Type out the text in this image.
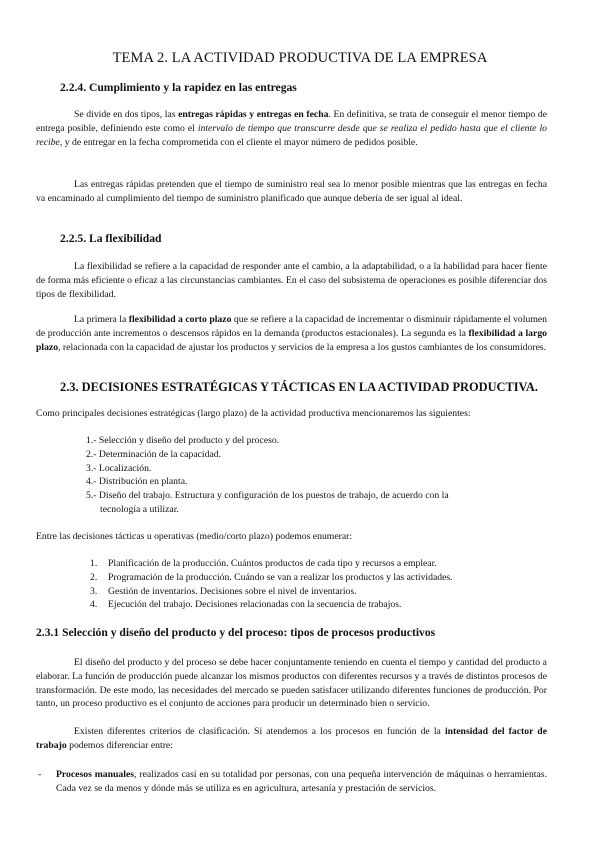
TEMA 2. LA ACTIVIDAD PRODUCTIVA DE LA EMPRESA
2.2.4. Cumplimiento y la rapidez en las entregas

Se divide en dos tipos, las entregas rápidas y entregas en fecha. En definitiva, se trata de conseguir el menor tiempo de entrega posible, definiendo este como el intervalo de tiempo que transcurre desde que se realiza el pedido hasta que el cliente lo recibe, y de entregar en la fecha comprometida con el cliente el mayor número de pedidos posible.

Las entregas rápidas pretenden que el tiempo de suministro real sea lo menor posible mientras que las entregas en fecha va encaminado al cumplimiento del tiempo de suministro planificado que aunque debería de ser igual al ideal.

2.2.5. La flexibilidad

La flexibilidad se refiere a la capacidad de responder ante el cambio, a la adaptabilidad, o a la habilidad para hacer fiente de forma más eficiente o eficaz a las circunstancias cambiantes. En el caso del subsistema de operaciones es posible diferenciar dos tipos de flexibilidad.

La primera la flexibilidad a corto plazo que se refiere a la capacidad de incrementar o disminuir rápidamente el volumen de producción ante incrementos o descensos rápidos en la demanda (productos estacionales). La segunda es la flexibilidad a largo plazo, relacionada con la capacidad de ajustar los productos y servicios de la empresa a los gustos cambiantes de los consumidores.

2.3. DECISIONES ESTRATÉGICAS Y TÁCTICAS EN LA ACTIVIDAD PRODUCTIVA.

Como principales decisiones estratégicas (largo plazo) de la actividad productiva mencionaremos las siguientes:

1.- Selección y diseño del producto y del proceso.
2.- Determinación de la capacidad.
3.- Localización.
4.- Distribución en planta.
5.- Diseño del trabajo. Estructura y configuración de los puestos de trabajo, de acuerdo con la
tecnología a utilizar.

Entre las decisiones tácticas u operativas (medio/corto plazo) podemos enumerar:

1. Planificación de la producción. Cuántos productos de cada tipo y recursos a emplear.
2. Programación de la producción. Cuándo se van a realizar los productos y las actividades.
3. Gestión de inventarios. Decisiones sobre el nivel de inventarios.
4. Ejecución del trabajo. Decisiones relacionadas con la secuencia de trabajos.
2.3.1 Selección y diseño del producto y del proceso: tipos de procesos productivos

El diseño del producto y del proceso se debe hacer conjuntamente teniendo en cuenta el tiempo y cantidad del producto a elaborar. La función de producción puede alcanzar los mismos productos con diferentes recursos y a través de distintos procesos de transformación. De este modo, las necesidades del mercado se pueden satisfacer utilizando diferentes funciones de producción. Por tanto, un proceso productivo es el conjunto de acciones para producir un determinado bien o servicio.

Existen diferentes criterios de clasificación. Si atendemos a los procesos en función de la intensidad del factor de trabajo podemos diferenciar entre:

- Procesos manuales, realizados casi en su totalidad por personas, con una pequeña intervención de máquinas o herramientas. Cada vez se da menos y dónde más se utiliza es en agricultura, artesanía y prestación de servicios.
